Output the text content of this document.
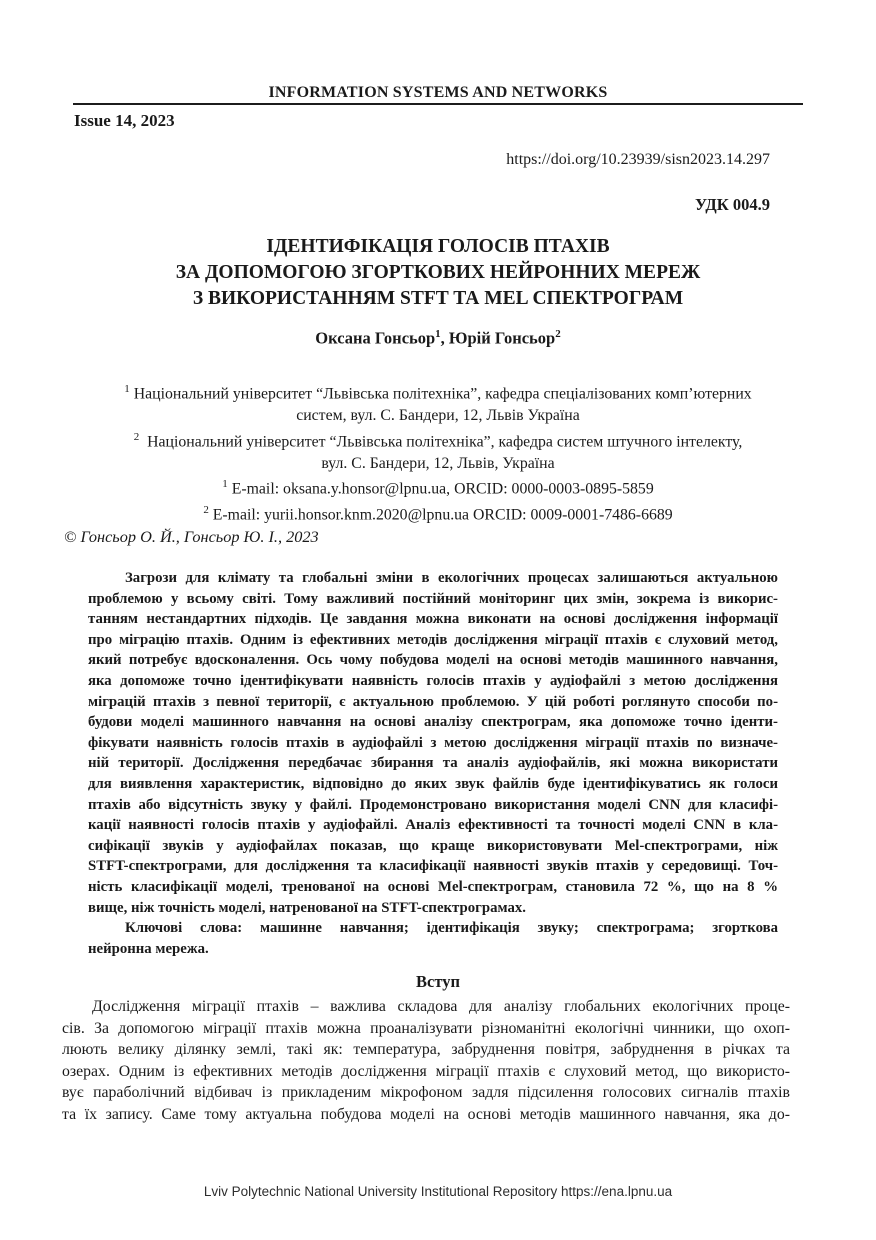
INFORMATION SYSTEMS AND NETWORKS
Issue 14, 2023
https://doi.org/10.23939/sisn2023.14.297
УДК 004.9
ІДЕНТИФІКАЦІЯ ГОЛОСІВ ПТАХІВ
ЗА ДОПОМОГОЮ ЗГОРТКОВИХ НЕЙРОННИХ МЕРЕЖ
З ВИКОРИСТАННЯМ STFT ТА MEL СПЕКТРОГРАМ
Оксана Гонсьор$^1$, Юрій Гонсьор$^2$
$^1$ Національний університет “Львівська політехніка”, кафедра спеціалізованих комп’ютерних
систем, вул. С. Бандери, 12, Львів Україна
$^2$ Національний університет “Львівська політехніка”, кафедра систем штучного інтелекту,
вул. С. Бандери, 12, Львів, Україна
$^1$ E-mail: oksana.y.honsor@lpnu.ua, ORCID: 0000-0003-0895-5859
$^2$ E-mail: yurii.honsor.knm.2020@lpnu.ua ORCID: 0009-0001-7486-6689
© Гонсьор О. Й., Гонсьор Ю. І., 2023
Загрози для клімату та глобальні зміни в екологічних процесах залишаються актуальною
проблемою у всьому світі. Тому важливий постійний моніторинг цих змін, зокрема із викорис-
танням нестандартних підходів. Це завдання можна виконати на основі дослідження інформації
про міграцію птахів. Одним із ефективних методів дослідження міграції птахів є слуховий метод,
який потребує вдосконалення. Ось чому побудова моделі на основі методів машинного навчання,
яка допоможе точно ідентифікувати наявність голосів птахів у аудіофайлі з метою дослідження
міграцій птахів з певної території, є актуальною проблемою. У цій роботі роглянуто способи по-
будови моделі машинного навчання на основі аналізу спектрограм, яка допоможе точно іденти-
фікувати наявність голосів птахів в аудіофайлі з метою дослідження міграції птахів по визначе-
ній території. Дослідження передбачає збирання та аналіз аудіофайлів, які можна використати
для виявлення характеристик, відповідно до яких звук файлів буде ідентифікуватись як голоси
птахів або відсутність звуку у файлі. Продемонстровано використання моделі CNN для класифі-
кації наявності голосів птахів у аудіофайлі. Аналіз ефективності та точності моделі CNN в кла-
сифікації звуків у аудіофайлах показав, що краще використовувати Mel-спектрограми, ніж
STFT-спектрограми, для дослідження та класифікації наявності звуків птахів у середовищі. Точ-
ність класифікації моделі, тренованої на основі Mel-спектрограм, становила 72 %, що на 8 %
вище, ніж точність моделі, натренованої на STFT-спектрограмах.
Ключові слова: машинне навчання; ідентифікація звуку; спектрограма; згорткова
нейронна мережа.
Вступ
Дослідження міграції птахів – важлива складова для аналізу глобальних екологічних проце-
сів. За допомогою міграції птахів можна проаналізувати різноманітні екологічні чинники, що охоп-
люють велику ділянку землі, такі як: температура, забруднення повітря, забруднення в річках та
озерах. Одним із ефективних методів дослідження міграції птахів є слуховий метод, що використо-
вує параболічний відбивач із прикладеним мікрофоном задля підсилення голосових сигналів птахів
та їх запису. Саме тому актуальна побудова моделі на основі методів машинного навчання, яка до-
Lviv Polytechnic National University Institutional Repository https://ena.lpnu.ua
